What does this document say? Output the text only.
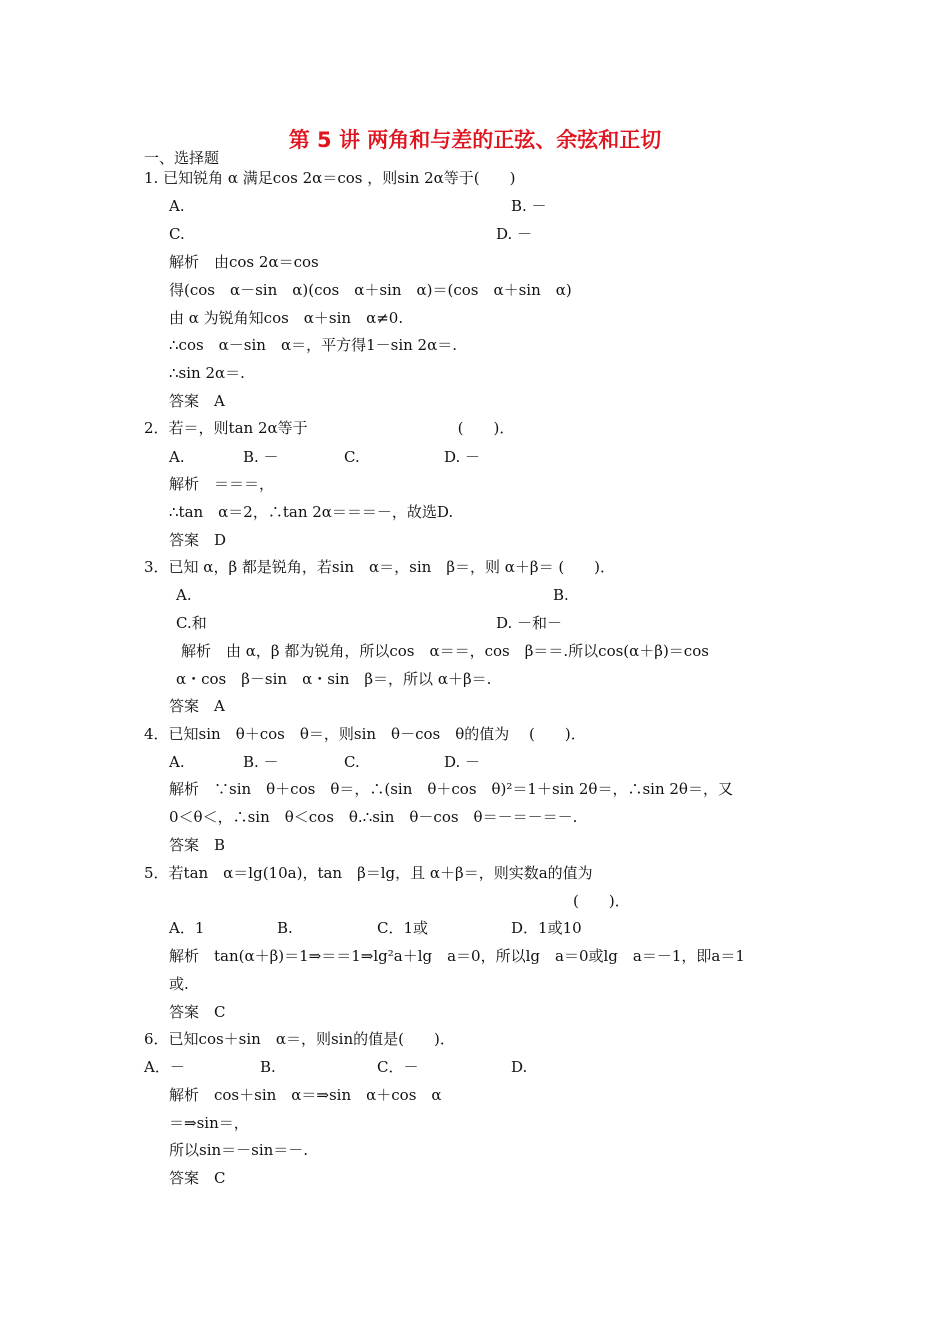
第 5 讲 两角和与差的正弦、余弦和正切
一、选择题
1. 已知锐角 α 满足cos 2α＝cos ，则sin 2α等于(　　)
A.	B. －
C.	D. －
解析　由cos 2α＝cos
得(cos　α－sin　α)(cos　α＋sin　α)＝(cos　α＋sin　α)
由 α 为锐角知cos　α＋sin　α≠0.
∴cos　α－sin　α＝，平方得1－sin 2α＝.
∴sin 2α＝.
答案　A
2．若＝，则tan 2α等于　　　　　　　　　　(　　)．
A.	B. －	C.	D. －
解析　＝＝＝，
∴tan　α＝2，∴tan 2α＝＝＝－，故选D.
答案　D
3．已知 α，β 都是锐角，若sin　α＝，sin　β＝，则 α＋β＝ (　　)．
A.	B.
C.和	D. －和－
解析　由 α，β 都为锐角，所以cos　α＝＝，cos　β＝＝.所以cos(α＋β)＝cos
α・cos　β－sin　α・sin　β＝，所以 α＋β＝.
答案　A
4．已知sin　θ＋cos　θ＝，则sin　θ－cos　θ的值为　 (　　)．
A.	B. －	C.	D. －
解析　∵sin　θ＋cos　θ＝，∴(sin　θ＋cos　θ)²＝1＋sin 2θ＝，∴sin 2θ＝，又
0＜θ＜，∴sin　θ＜cos　θ.∴sin　θ－cos　θ＝－＝－＝－.
答案　B
5．若tan　α＝lg(10a)，tan　β＝lg，且 α＋β＝，则实数a的值为
(　　)．
A．1	B.	C．1或	D．1或10
解析　tan(α＋β)＝1⇒＝＝1⇒lg²a＋lg　a＝0，所以lg　a＝0或lg　a＝－1，即a＝1
或.
答案　C
6．已知cos＋sin　α＝，则sin的值是(　　)．
A．－	B.	C．－	D.
解析　cos＋sin　α＝⇒sin　α＋cos　α
＝⇒sin＝，
所以sin＝－sin＝－.
答案　C
